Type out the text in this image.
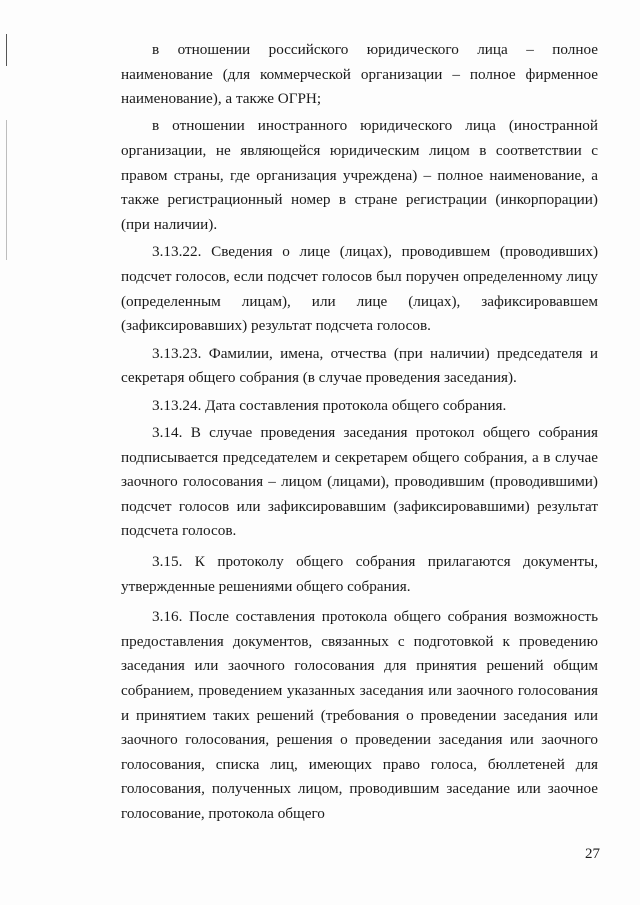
в отношении российского юридического лица – полное наименование (для коммерческой организации – полное фирменное наименование), а также ОГРН;

в отношении иностранного юридического лица (иностранной организации, не являющейся юридическим лицом в соответствии с правом страны, где организация учреждена) – полное наименование, а также регистрационный номер в стране регистрации (инкорпорации) (при наличии).

3.13.22. Сведения о лице (лицах), проводившем (проводивших) подсчет голосов, если подсчет голосов был поручен определенному лицу (определенным лицам), или лице (лицах), зафиксировавшем (зафиксировавших) результат подсчета голосов.

3.13.23. Фамилии, имена, отчества (при наличии) председателя и секретаря общего собрания (в случае проведения заседания).

3.13.24. Дата составления протокола общего собрания.

3.14. В случае проведения заседания протокол общего собрания подписывается председателем и секретарем общего собрания, а в случае заочного голосования – лицом (лицами), проводившим (проводившими) подсчет голосов или зафиксировавшим (зафиксировавшими) результат подсчета голосов.

3.15. К протоколу общего собрания прилагаются документы, утвержденные решениями общего собрания.

3.16. После составления протокола общего собрания возможность предоставления документов, связанных с подготовкой к проведению заседания или заочного голосования для принятия решений общим собранием, проведением указанных заседания или заочного голосования и принятием таких решений (требования о проведении заседания или заочного голосования, решения о проведении заседания или заочного голосования, списка лиц, имеющих право голоса, бюллетеней для голосования, полученных лицом, проводившим заседание или заочное голосование, протокола общего

27
